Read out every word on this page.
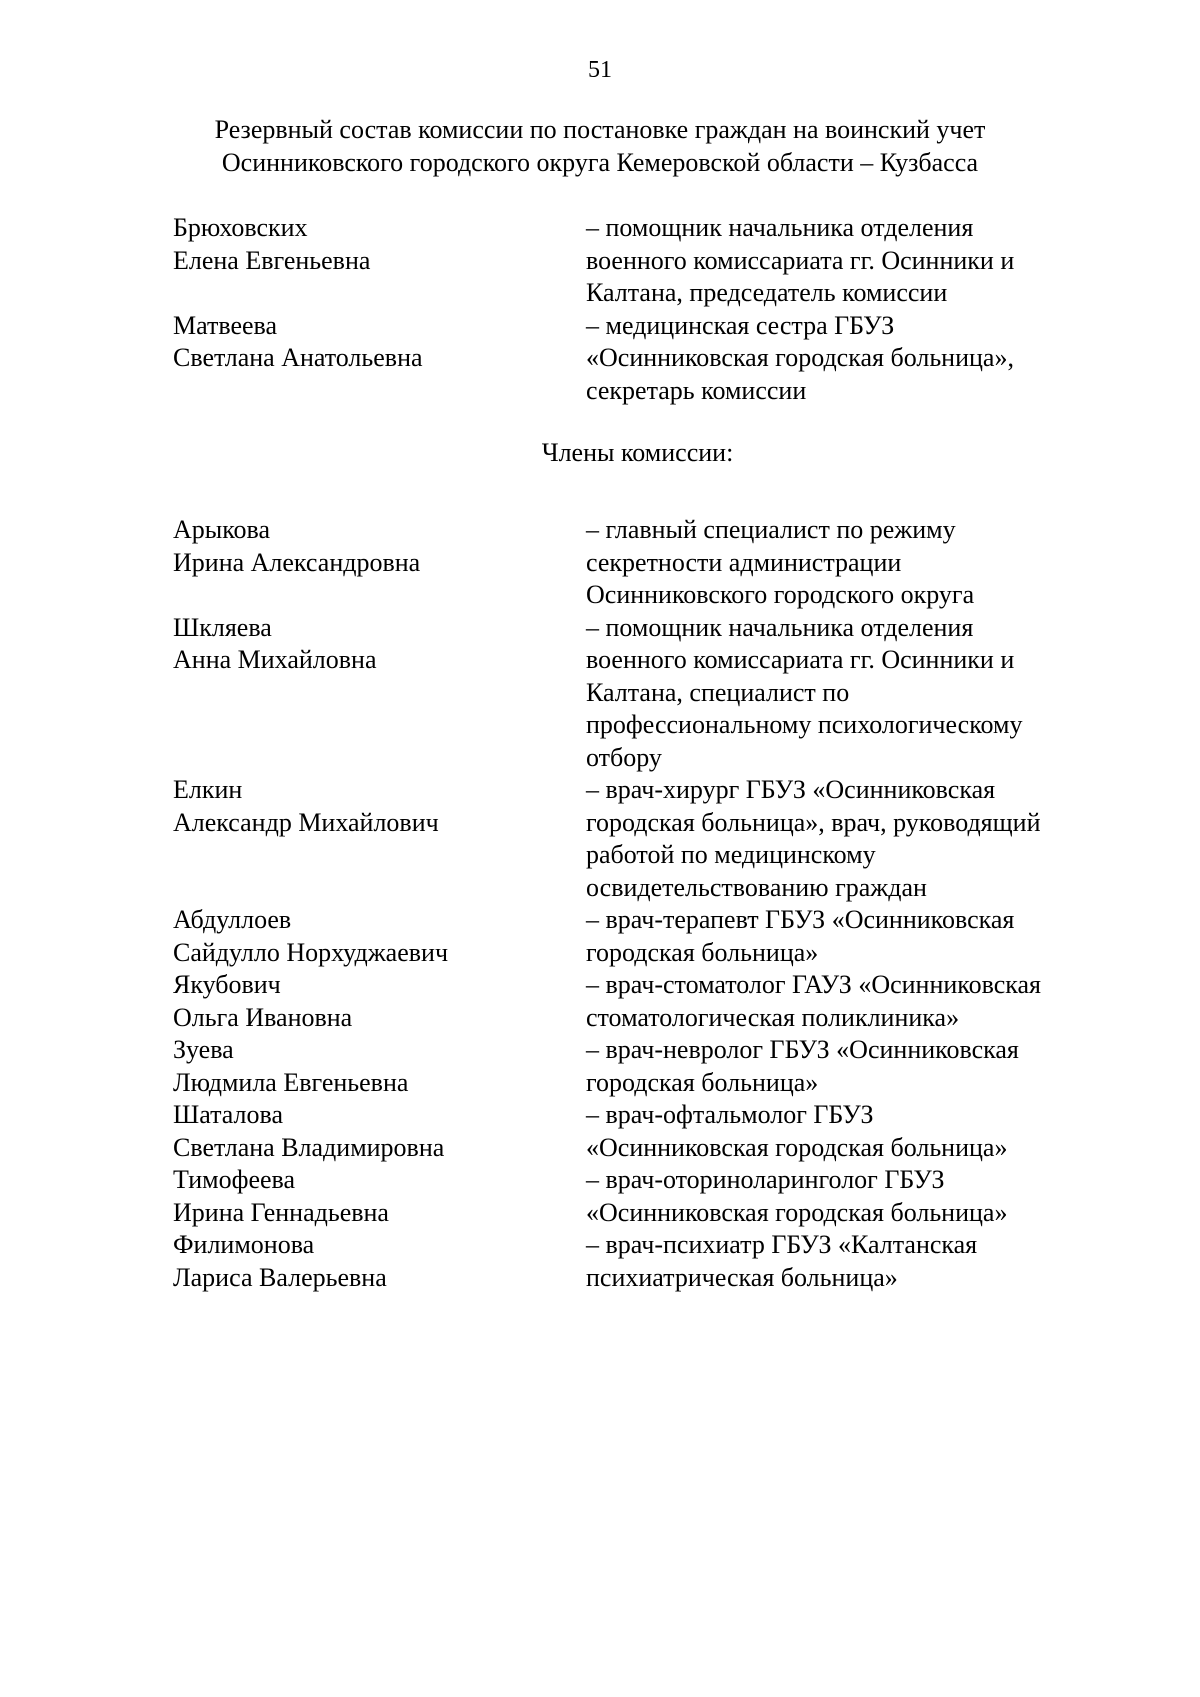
51
Резервный состав комиссии по постановке граждан на воинский учет
Осинниковского городского округа Кемеровской области – Кузбасса
Брюховских
Елена Евгеньевна
– помощник начальника отделения
военного комиссариата гг. Осинники и
Калтана, председатель комиссии
Матвеева
Светлана Анатольевна
– медицинская сестра ГБУЗ
«Осинниковская городская больница»,
секретарь комиссии
Члены комиссии:
Арыкова
Ирина Александровна
– главный специалист по режиму
секретности администрации
Осинниковского городского округа
Шкляева
Анна Михайловна
– помощник начальника отделения
военного комиссариата гг. Осинники и
Калтана, специалист по
профессиональному психологическому
отбору
Елкин
Александр Михайлович
– врач-хирург ГБУЗ «Осинниковская
городская больница», врач, руководящий
работой по медицинскому
освидетельствованию граждан
Абдуллоев
Сайдулло Норхуджаевич
– врач-терапевт ГБУЗ «Осинниковская
городская больница»
Якубович
Ольга Ивановна
– врач-стоматолог ГАУЗ «Осинниковская
стоматологическая поликлиника»
Зуева
Людмила Евгеньевна
– врач-невролог ГБУЗ «Осинниковская
городская больница»
Шаталова
Светлана Владимировна
– врач-офтальмолог ГБУЗ
«Осинниковская городская больница»
Тимофеева
Ирина Геннадьевна
– врач-оториноларинголог ГБУЗ
«Осинниковская городская больница»
Филимонова
Лариса Валерьевна
– врач-психиатр ГБУЗ «Калтанская
психиатрическая больница»
